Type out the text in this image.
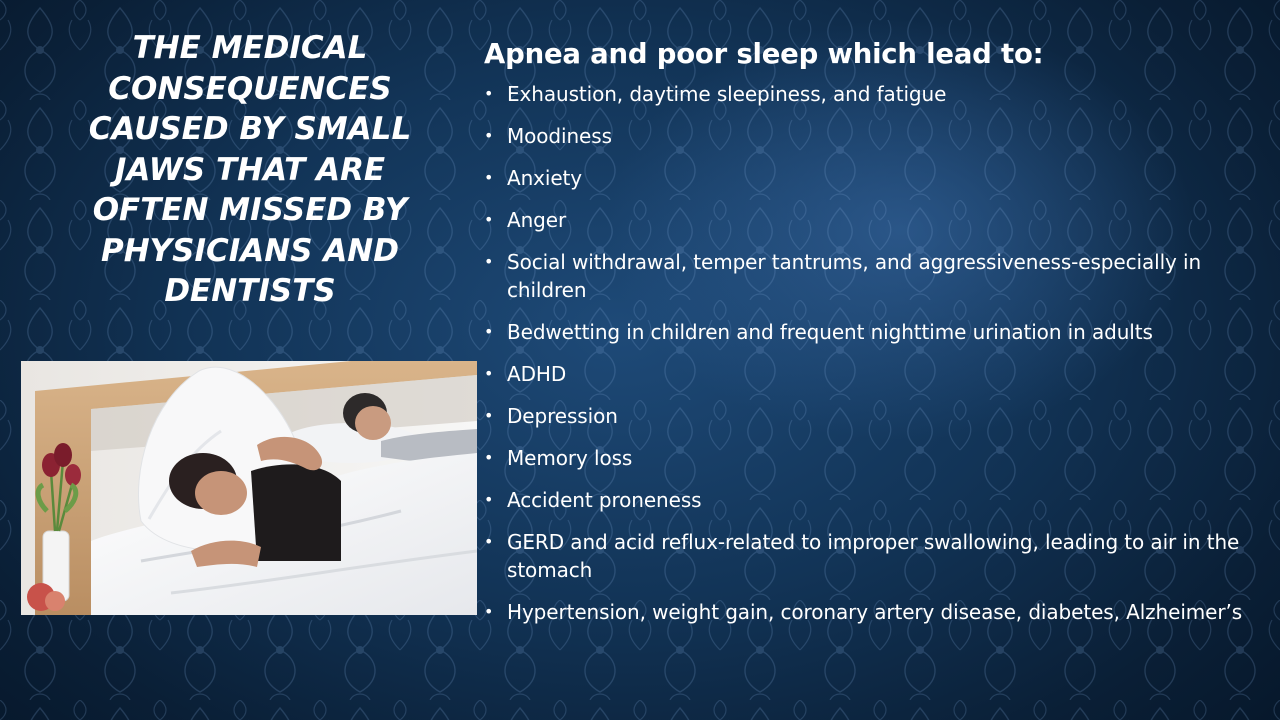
THE MEDICAL CONSEQUENCES CAUSED BY SMALL JAWS THAT ARE OFTEN MISSED BY PHYSICIANS AND DENTISTS
Apnea and poor sleep which lead to:
• Exhaustion, daytime sleepiness, and fatigue
• Moodiness
• Anxiety
• Anger
• Social withdrawal, temper tantrums, and aggressiveness-especially in children
• Bedwetting in children and frequent nighttime urination in adults
• ADHD
• Depression
• Memory loss
• Accident proneness
• GERD and acid reflux-related to improper swallowing, leading to air in the stomach
• Hypertension, weight gain, coronary artery disease, diabetes, Alzheimer’s
